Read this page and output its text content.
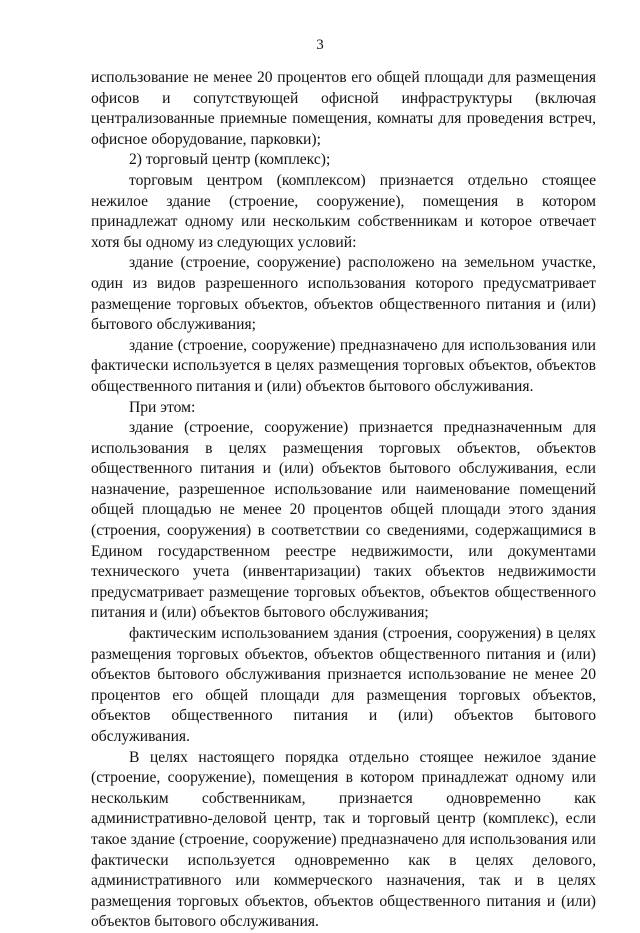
3

использование не менее 20 процентов его общей площади для размещения офисов и сопутствующей офисной инфраструктуры (включая централизованные приемные помещения, комнаты для проведения встреч, офисное оборудование, парковки);

2) торговый центр (комплекс);

торговым центром (комплексом) признается отдельно стоящее нежилое здание (строение, сооружение), помещения в котором принадлежат одному или нескольким собственникам и которое отвечает хотя бы одному из следующих условий:

здание (строение, сооружение) расположено на земельном участке, один из видов разрешенного использования которого предусматривает размещение торговых объектов, объектов общественного питания и (или) бытового обслуживания;

здание (строение, сооружение) предназначено для использования или фактически используется в целях размещения торговых объектов, объектов общественного питания и (или) объектов бытового обслуживания.

При этом:

здание (строение, сооружение) признается предназначенным для использования в целях размещения торговых объектов, объектов общественного питания и (или) объектов бытового обслуживания, если назначение, разрешенное использование или наименование помещений общей площадью не менее 20 процентов общей площади этого здания (строения, сооружения) в соответствии со сведениями, содержащимися в Едином государственном реестре недвижимости, или документами технического учета (инвентаризации) таких объектов недвижимости предусматривает размещение торговых объектов, объектов общественного питания и (или) объектов бытового обслуживания;

фактическим использованием здания (строения, сооружения) в целях размещения торговых объектов, объектов общественного питания и (или) объектов бытового обслуживания признается использование не менее 20 процентов его общей площади для размещения торговых объектов, объектов общественного питания и (или) объектов бытового обслуживания.

В целях настоящего порядка отдельно стоящее нежилое здание (строение, сооружение), помещения в котором принадлежат одному или нескольким собственникам, признается одновременно как административно-деловой центр, так и торговый центр (комплекс), если такое здание (строение, сооружение) предназначено для использования или фактически используется одновременно как в целях делового, административного или коммерческого назначения, так и в целях размещения торговых объектов, объектов общественного питания и (или) объектов бытового обслуживания.
